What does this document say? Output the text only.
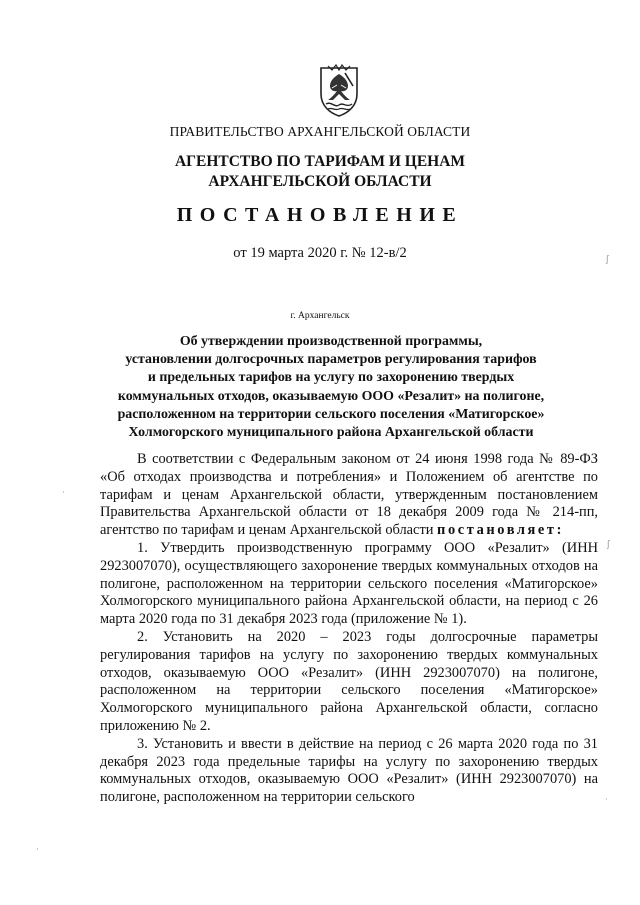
ПРАВИТЕЛЬСТВО АРХАНГЕЛЬСКОЙ ОБЛАСТИ
АГЕНТСТВО ПО ТАРИФАМ И ЦЕНАМ
АРХАНГЕЛЬСКОЙ ОБЛАСТИ
ПОСТАНОВЛЕНИЕ
от 19 марта 2020 г. № 12-в/2
г. Архангельск
Об утверждении производственной программы,
установлении долгосрочных параметров регулирования тарифов
и предельных тарифов на услугу по захоронению твердых
коммунальных отходов, оказываемую ООО «Резалит» на полигоне,
расположенном на территории сельского поселения «Матигорское»
Холмогорского муниципального района Архангельской области

В соответствии с Федеральным законом от 24 июня 1998 года № 89-ФЗ «Об отходах производства и потребления» и Положением об агентстве по тарифам и ценам Архангельской области, утвержденным постановлением Правительства Архангельской области от 18 декабря 2009 года № 214-пп, агентство по тарифам и ценам Архангельской области постановляет:

1. Утвердить производственную программу ООО «Резалит» (ИНН 2923007070), осуществляющего захоронение твердых коммунальных отходов на полигоне, расположенном на территории сельского поселения «Матигорское» Холмогорского муниципального района Архангельской области, на период с 26 марта 2020 года по 31 декабря 2023 года (приложение № 1).

2. Установить на 2020 – 2023 годы долгосрочные параметры регулирования тарифов на услугу по захоронению твердых коммунальных отходов, оказываемую ООО «Резалит» (ИНН 2923007070) на полигоне, расположенном на территории сельского поселения «Матигорское» Холмогорского муниципального района Архангельской области, согласно приложению № 2.

3. Установить и ввести в действие на период с 26 марта 2020 года по 31 декабря 2023 года предельные тарифы на услугу по захоронению твердых коммунальных отходов, оказываемую ООО «Резалит» (ИНН 2923007070) на полигоне, расположенном на территории сельского

ʃ
ʃ
·
·
·
